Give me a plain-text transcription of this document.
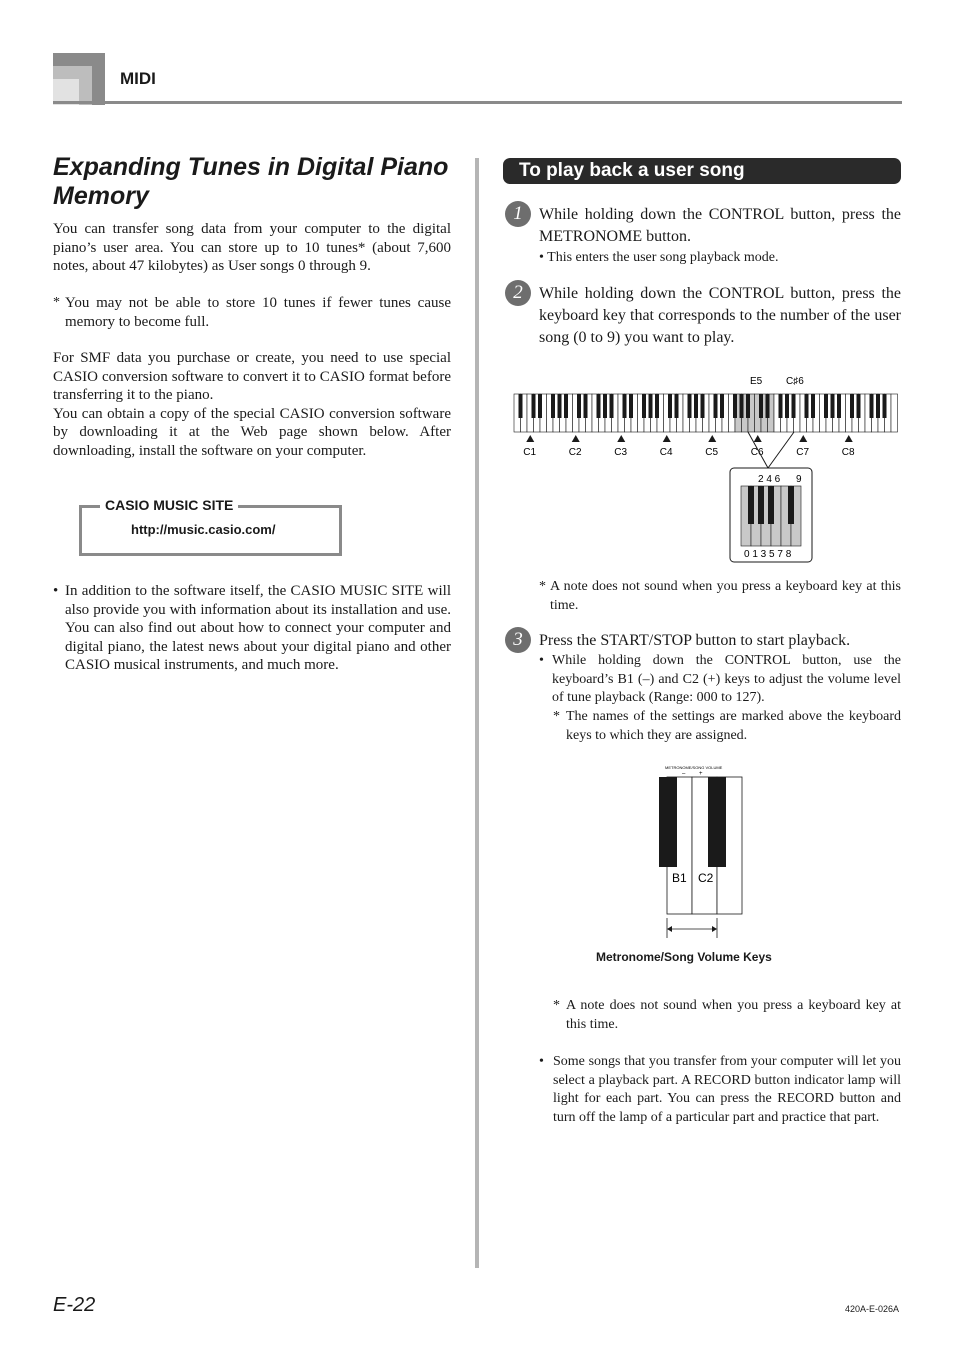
MIDI
Expanding Tunes in Digital Piano Memory

You can transfer song data from your computer to the digital piano’s user area. You can store up to 10 tunes* (about 7,600 notes, about 47 kilobytes) as User songs 0 through 9.

* You may not be able to store 10 tunes if fewer tunes cause memory to become full.

For SMF data you purchase or create, you need to use special CASIO conversion software to convert it to CASIO format before transferring it to the piano.

You can obtain a copy of the special CASIO conversion software by downloading it at the Web page shown below. After downloading, install the software on your computer.

CASIO MUSIC SITE
http://music.casio.com/
• In addition to the software itself, the CASIO MUSIC SITE will also provide you with information about its installation and use. You can also find out about how to connect your computer and digital piano, the latest news about your digital piano and other CASIO musical instruments, and much more.

To play back a user song
1	While holding down the CONTROL button, press the METRONOME button.
• This enters the user song playback mode.
2	While holding down the CONTROL button, press the keyboard key that corresponds to the number of the user song (0 to 9) you want to play.
C1	C2	C3	C4	C5	C6	C7	C8
E5 C♯6
2 4 6 9
0 1 3 5 7 8
* A note does not sound when you press a keyboard key at this time.
3	Press the START/STOP button to start playback.
• While holding down the CONTROL button, use the keyboard’s B1 (–) and C2 (+) keys to adjust the volume level of tune playback (Range: 000 to 127).
* The names of the settings are marked above the keyboard keys to which they are assigned.
METRONOME/SONG VOLUME
– +
B1 C2
Metronome/Song Volume Keys
* A note does not sound when you press a keyboard key at this time.
• Some songs that you transfer from your computer will let you select a playback part. A RECORD button indicator lamp will light for each part. You can press the RECORD button and turn off the lamp of a particular part and practice that part.
E-22	420A-E-026A
